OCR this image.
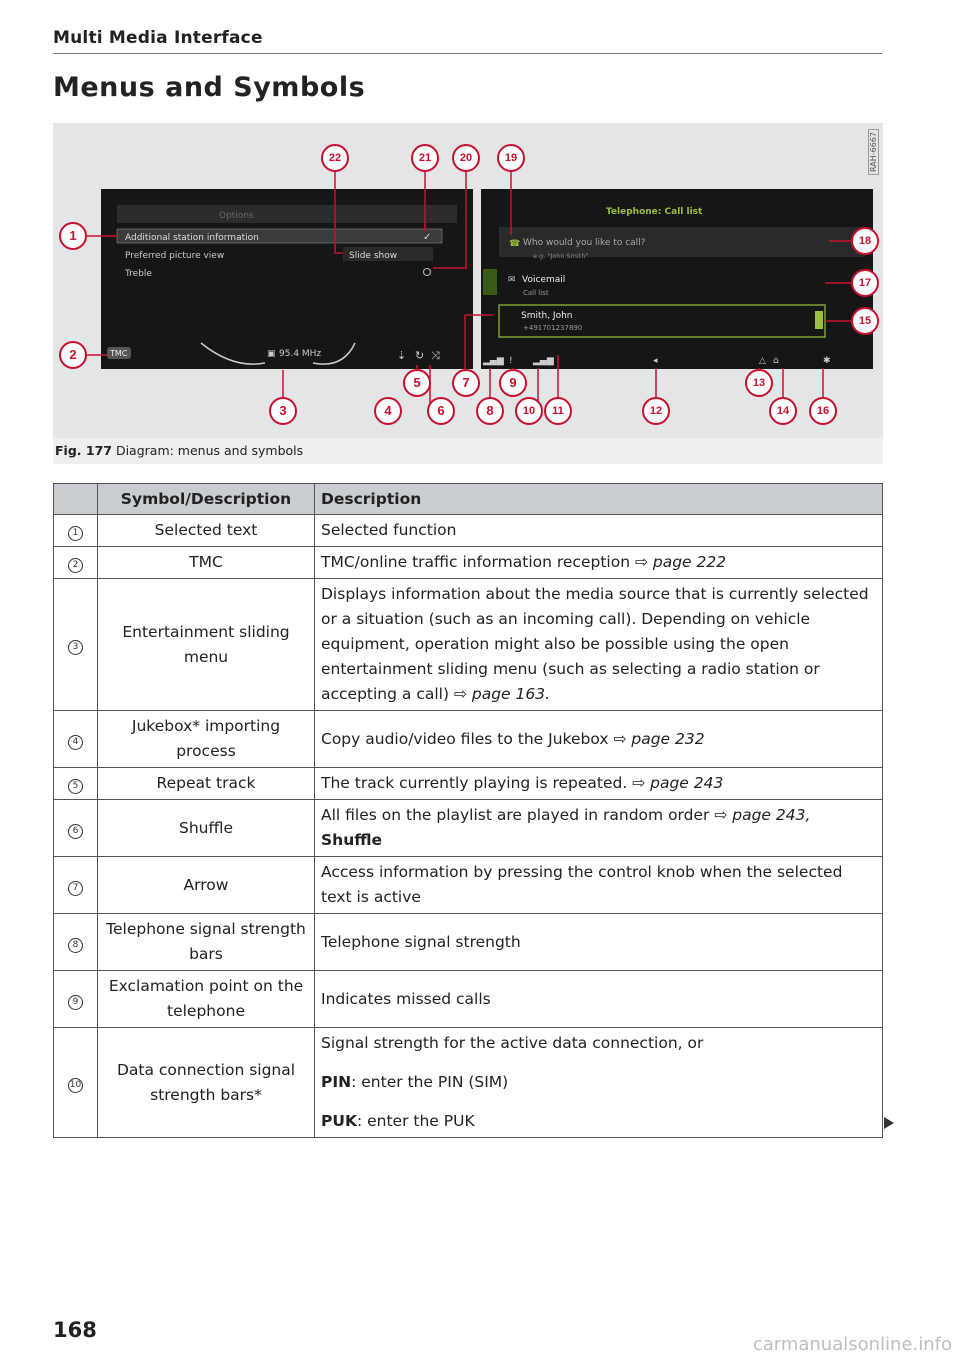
Multi Media Interface
Menus and Symbols
Options
Additional station information
Preferred picture view
Treble
✓
Slide show
TMC	▣ 95.4 MHz	⇣ ↻ ⤨
Telephone: Call list
☎ Who would you like to call?
e.g. "John Smith"
✉ Voicemail
Call list
Smith, John
+491701237890
▂▄▆ ! ▂▄▆	◂	△ ⌂	✱
1
2
3	4
5
6
7
8
9
10	11	12
13
14
15
16
17
18
19
20
21
22	RAH-6667
Fig. 177 Diagram: menus and symbols
	Symbol/Description	Description
1	Selected text	Selected function
2	TMC	TMC/online traffic information reception ⇨ page 222
3	Entertainment sliding menu	Displays information about the media source that is currently selected or a situation (such as an incoming call). Depending on vehicle equipment, operation might also be possible using the open entertainment sliding menu (such as selecting a radio station or accepting a call) ⇨ page 163.
4	Jukebox* importing process	Copy audio/video files to the Jukebox ⇨ page 232
5	Repeat track	The track currently playing is repeated. ⇨ page 243
6	Shuffle	All files on the playlist are played in random order ⇨ page 243,
Shuffle
7	Arrow	Access information by pressing the control knob when the selected text is active
8	Telephone signal strength bars	Telephone signal strength
9	Exclamation point on the telephone	Indicates missed calls
10	Data connection signal strength bars*	Signal strength for the active data connection, or
PIN: enter the PIN (SIM)
PUK: enter the PUK
168
carmanualsonline.info
